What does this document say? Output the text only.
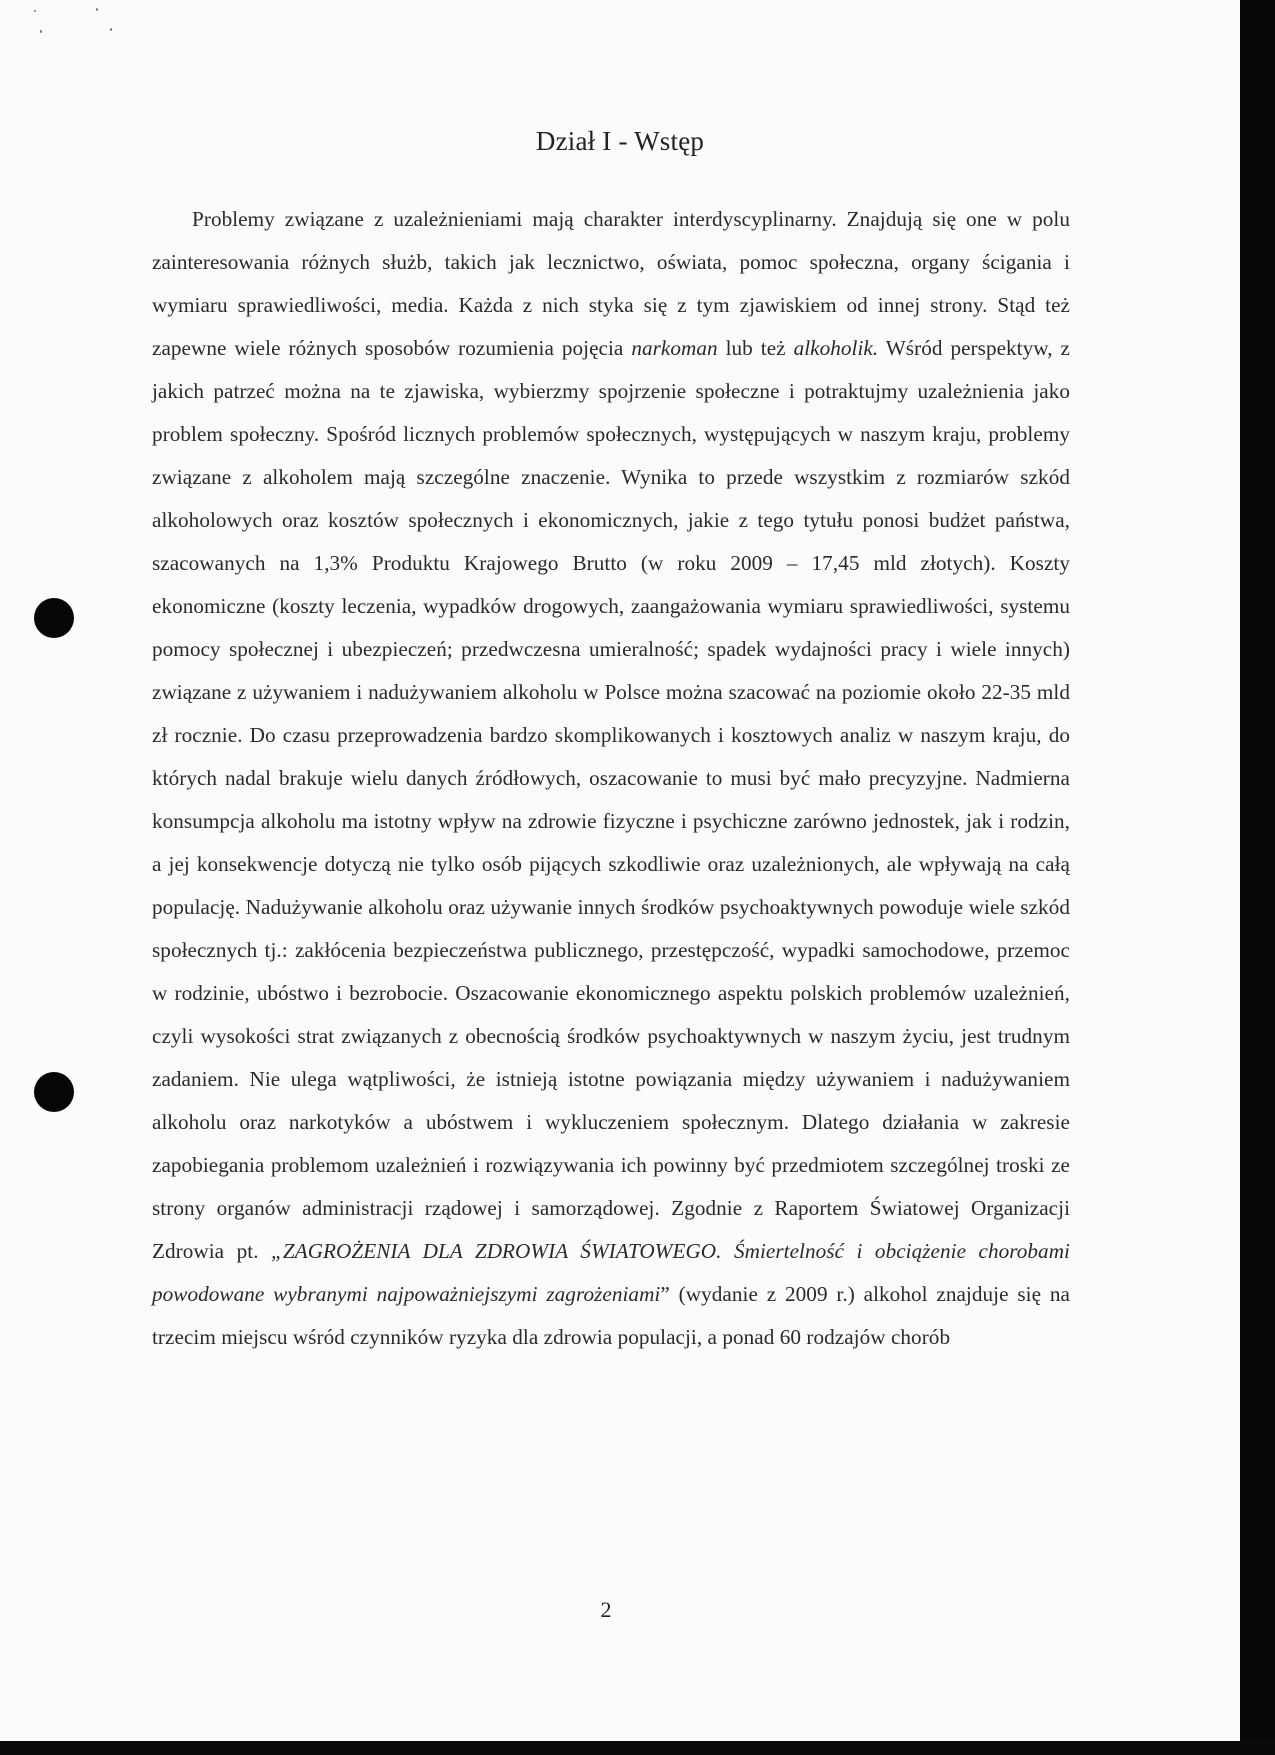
Dział I - Wstęp

Problemy związane z uzależnieniami mają charakter interdyscyplinarny. Znajdują się one w polu zainteresowania różnych służb, takich jak lecznictwo, oświata, pomoc społeczna, organy ścigania i wymiaru sprawiedliwości, media. Każda z nich styka się z tym zjawiskiem od innej strony. Stąd też zapewne wiele różnych sposobów rozumienia pojęcia narkoman lub też alkoholik. Wśród perspektyw, z jakich patrzeć można na te zjawiska, wybierzmy spojrzenie społeczne i potraktujmy uzależnienia jako problem społeczny. Spośród licznych problemów społecznych, występujących w naszym kraju, problemy związane z alkoholem mają szczególne znaczenie. Wynika to przede wszystkim z rozmiarów szkód alkoholowych oraz kosztów społecznych i ekonomicznych, jakie z tego tytułu ponosi budżet państwa, szacowanych na 1,3% Produktu Krajowego Brutto (w roku 2009 – 17,45 mld złotych). Koszty ekonomiczne (koszty leczenia, wypadków drogowych, zaangażowania wymiaru sprawiedliwości, systemu pomocy społecznej i ubezpieczeń; przedwczesna umieralność; spadek wydajności pracy i wiele innych) związane z używaniem i nadużywaniem alkoholu w Polsce można szacować na poziomie około 22-35 mld zł rocznie. Do czasu przeprowadzenia bardzo skomplikowanych i kosztowych analiz w naszym kraju, do których nadal brakuje wielu danych źródłowych, oszacowanie to musi być mało precyzyjne. Nadmierna konsumpcja alkoholu ma istotny wpływ na zdrowie fizyczne i psychiczne zarówno jednostek, jak i rodzin, a jej konsekwencje dotyczą nie tylko osób pijących szkodliwie oraz uzależnionych, ale wpływają na całą populację. Nadużywanie alkoholu oraz używanie innych środków psychoaktywnych powoduje wiele szkód społecznych tj.: zakłócenia bezpieczeństwa publicznego, przestępczość, wypadki samochodowe, przemoc w rodzinie, ubóstwo i bezrobocie. Oszacowanie ekonomicznego aspektu polskich problemów uzależnień, czyli wysokości strat związanych z obecnością środków psychoaktywnych w naszym życiu, jest trudnym zadaniem. Nie ulega wątpliwości, że istnieją istotne powiązania między używaniem i nadużywaniem alkoholu oraz narkotyków a ubóstwem i wykluczeniem społecznym. Dlatego działania w zakresie zapobiegania problemom uzależnień i rozwiązywania ich powinny być przedmiotem szczególnej troski ze strony organów administracji rządowej i samorządowej. Zgodnie z Raportem Światowej Organizacji Zdrowia pt. „ZAGROŻENIA DLA ZDROWIA ŚWIATOWEGO. Śmiertelność i obciążenie chorobami powodowane wybranymi najpoważniejszymi zagrożeniami” (wydanie z 2009 r.) alkohol znajduje się na trzecim miejscu wśród czynników ryzyka dla zdrowia populacji, a ponad 60 rodzajów chorób

2
